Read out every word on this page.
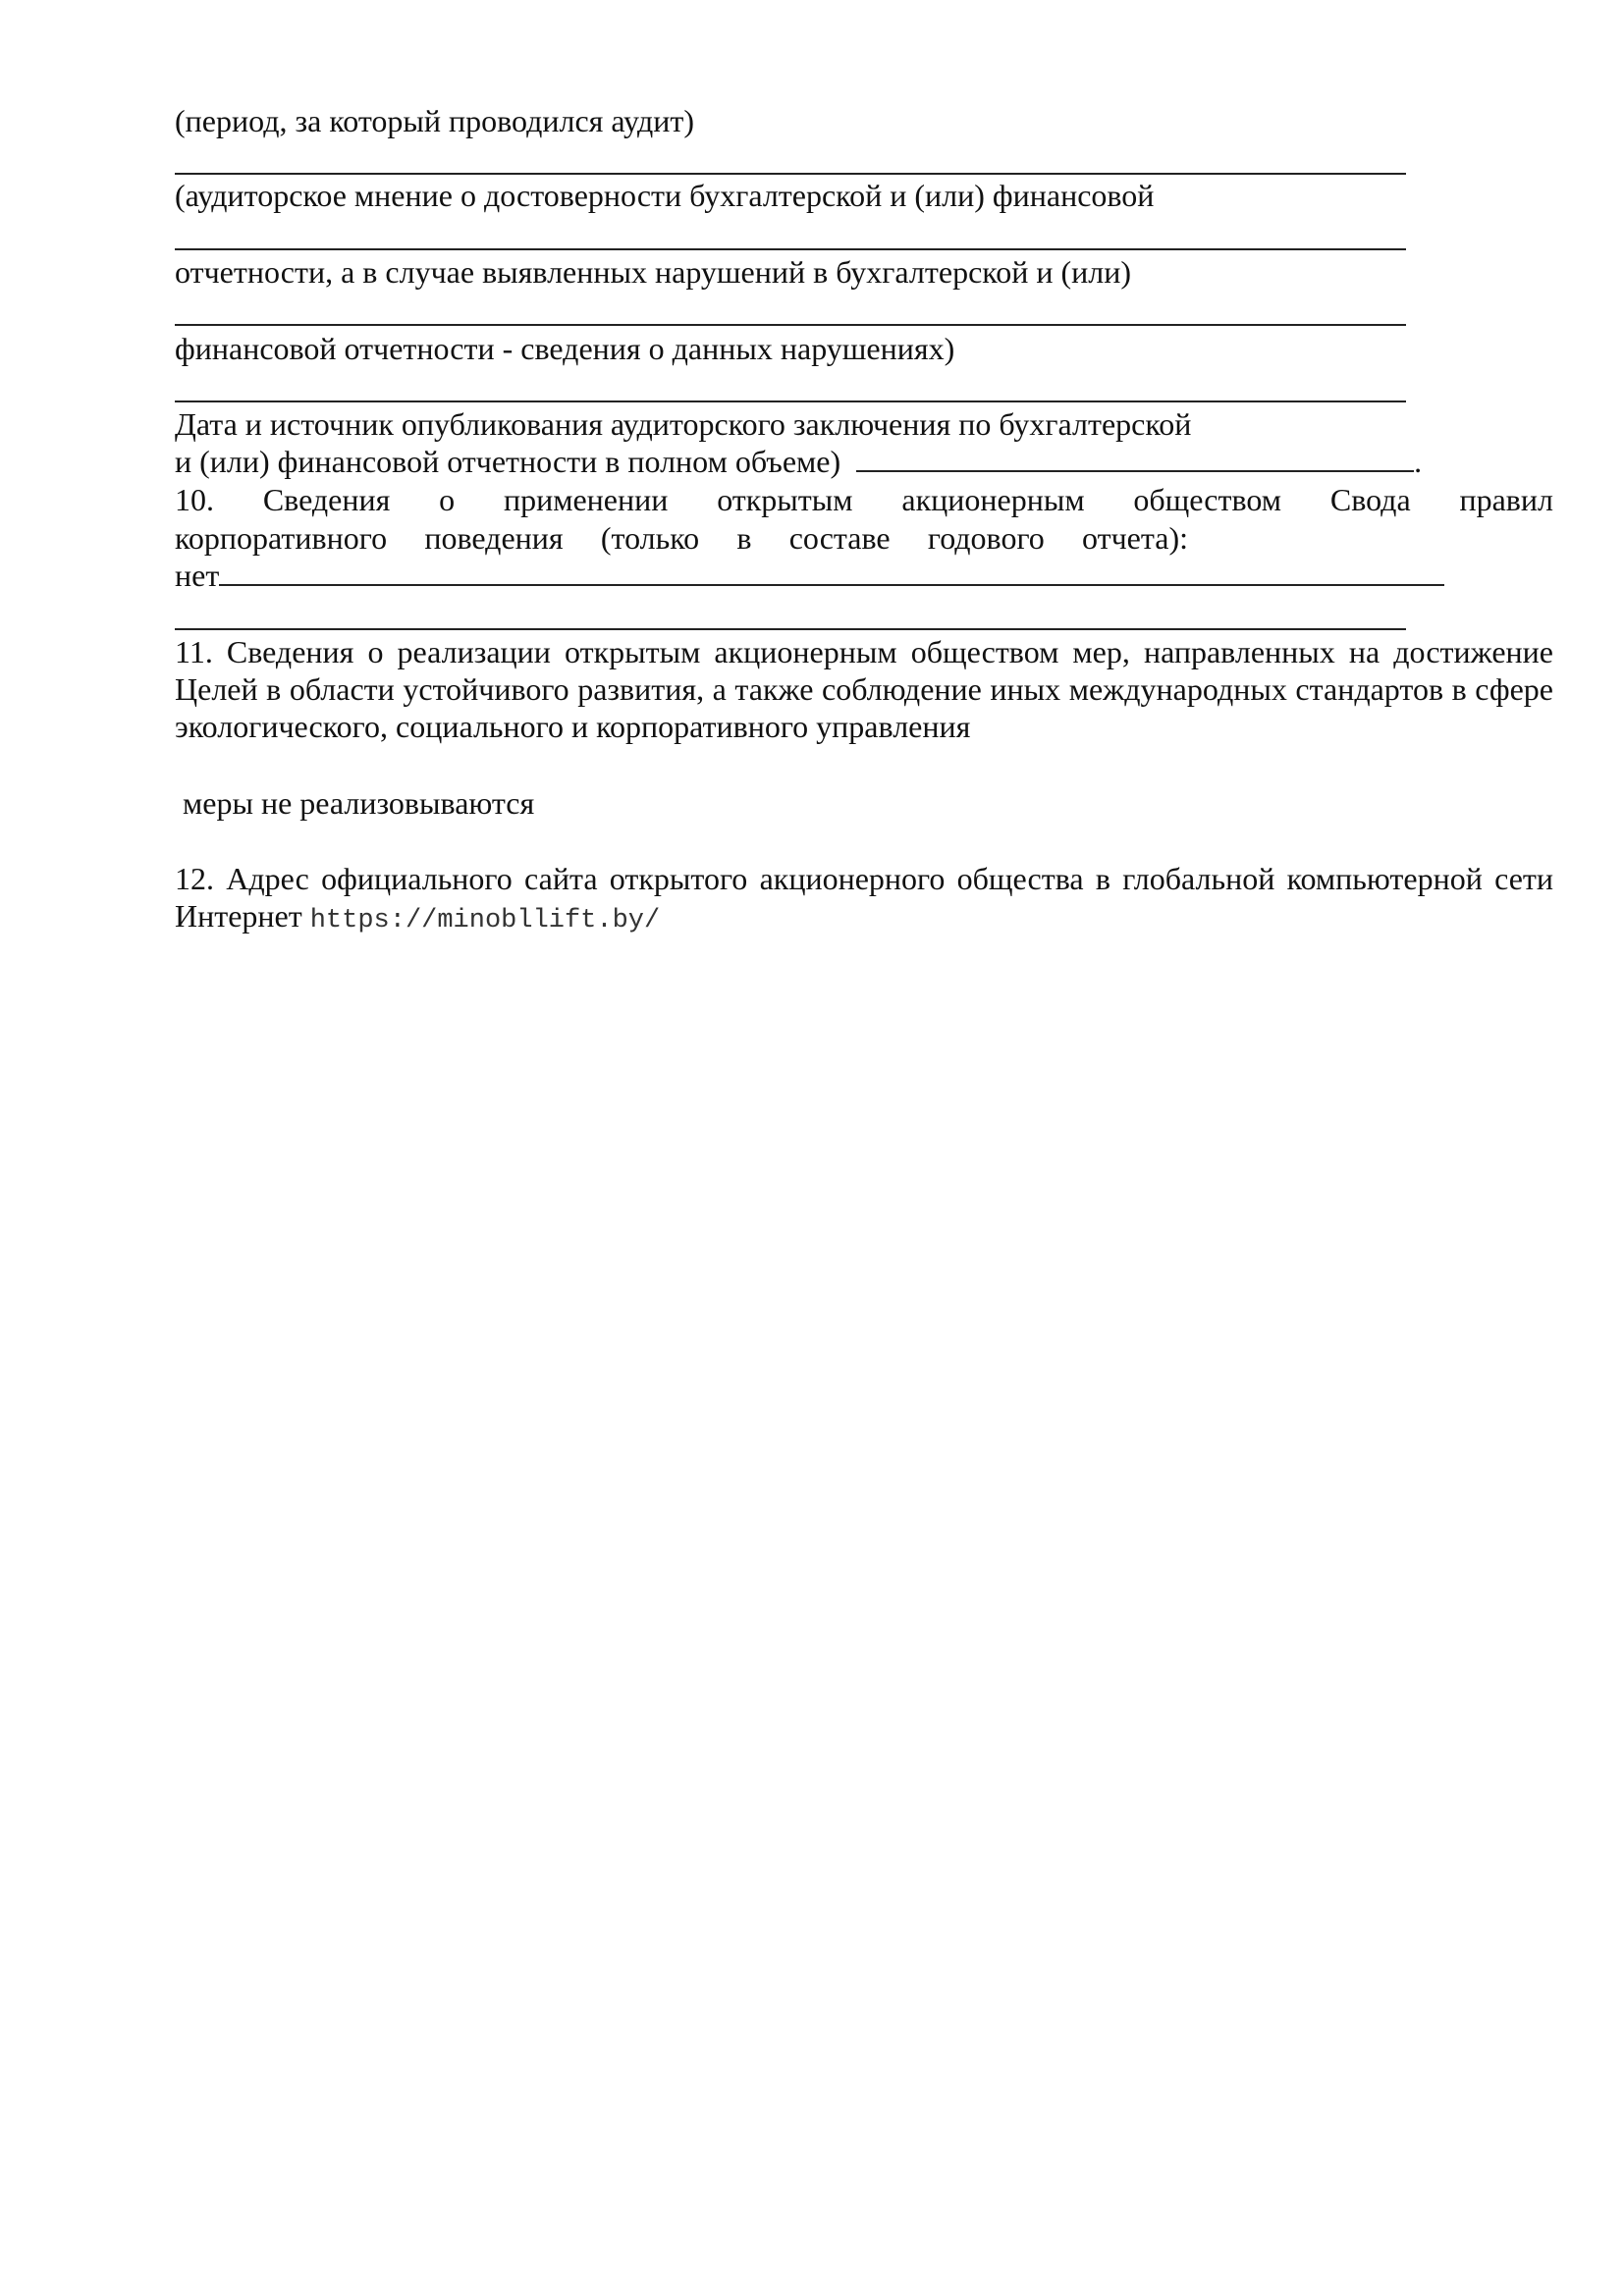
(период, за который проводился аудит)
(аудиторское мнение о достоверности бухгалтерской и (или) финансовой
отчетности, а в случае выявленных нарушений в бухгалтерской и (или)
финансовой отчетности - сведения о данных нарушениях)
Дата и источник опубликования аудиторского заключения по бухгалтерской
и (или) финансовой отчетности в полном объеме)	.
10. Сведения о применении открытым акционерным обществом Свода правил
корпоративного поведения (только в составе годового отчета):
нет
11. Сведения о реализации открытым акционерным обществом мер, направленных на достижение Целей в области устойчивого развития, а также соблюдение иных международных стандартов в сфере экологического, социального и корпоративного управления
меры не реализовываются
12. Адрес официального сайта открытого акционерного общества в глобальной компьютерной сети Интернет https://minobllift.by/
